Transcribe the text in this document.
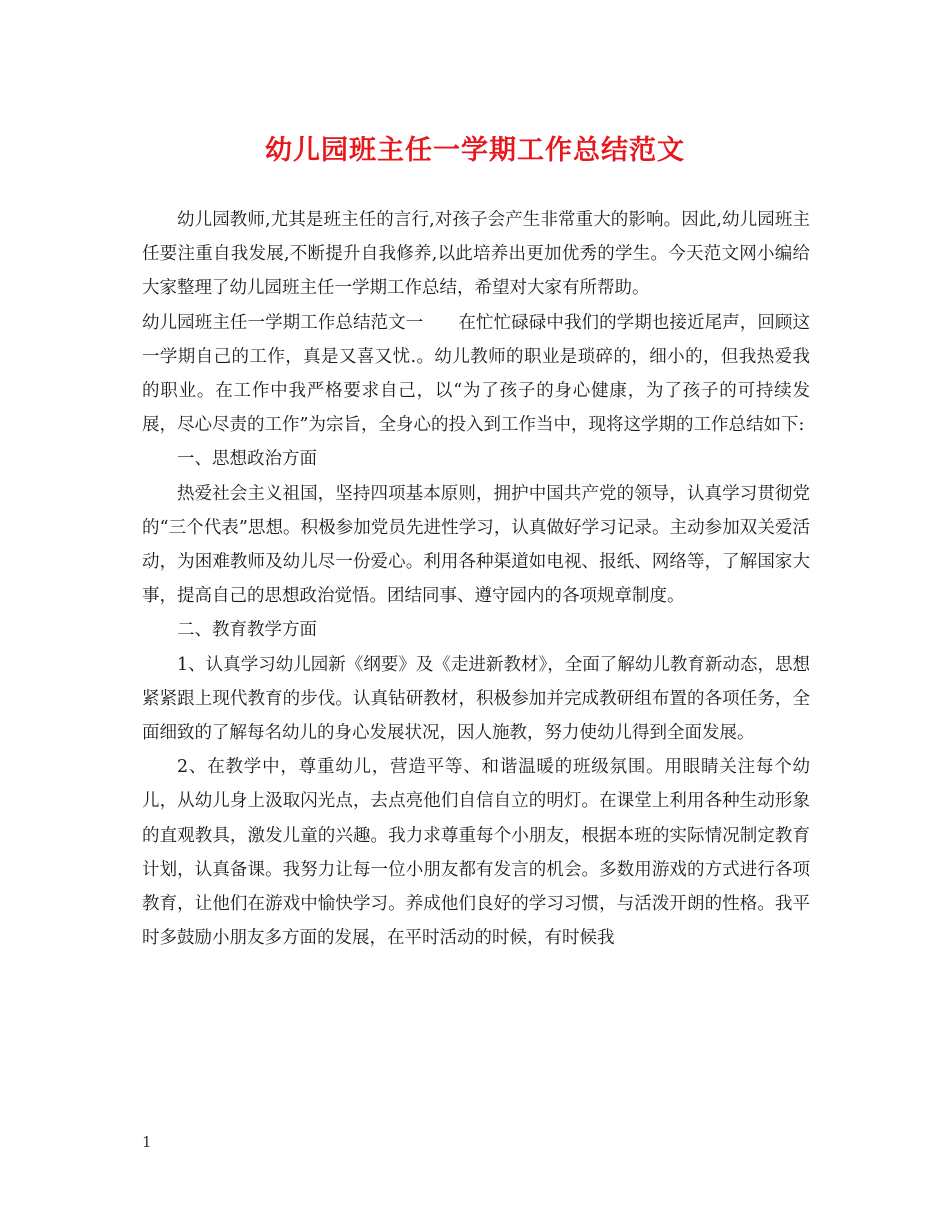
幼儿园班主任一学期工作总结范文

幼儿园教师,尤其是班主任的言行,对孩子会产生非常重大的影响。因此,幼儿园班主任要注重自我发展,不断提升自我修养,以此培养出更加优秀的学生。今天范文网小编给大家整理了幼儿园班主任一学期工作总结，希望对大家有所帮助。

幼儿园班主任一学期工作总结范文一　　在忙忙碌碌中我们的学期也接近尾声，回顾这一学期自己的工作，真是又喜又忧.。幼儿教师的职业是琐碎的，细小的，但我热爱我的职业。在工作中我严格要求自己，以“为了孩子的身心健康，为了孩子的可持续发展，尽心尽责的工作”为宗旨，全身心的投入到工作当中，现将这学期的工作总结如下:

一、思想政治方面

热爱社会主义祖国，坚持四项基本原则，拥护中国共产党的领导，认真学习贯彻党的“三个代表”思想。积极参加党员先进性学习，认真做好学习记录。主动参加双关爱活动，为困难教师及幼儿尽一份爱心。利用各种渠道如电视、报纸、网络等，了解国家大事，提高自己的思想政治觉悟。团结同事、遵守园内的各项规章制度。

二、教育教学方面

1、认真学习幼儿园新《纲要》及《走进新教材》，全面了解幼儿教育新动态，思想紧紧跟上现代教育的步伐。认真钻研教材，积极参加并完成教研组布置的各项任务，全面细致的了解每名幼儿的身心发展状况，因人施教，努力使幼儿得到全面发展。

2、在教学中，尊重幼儿，营造平等、和谐温暖的班级氛围。用眼睛关注每个幼儿，从幼儿身上汲取闪光点，去点亮他们自信自立的明灯。在课堂上利用各种生动形象的直观教具，激发儿童的兴趣。我力求尊重每个小朋友，根据本班的实际情况制定教育计划，认真备课。我努力让每一位小朋友都有发言的机会。多数用游戏的方式进行各项教育，让他们在游戏中愉快学习。养成他们良好的学习习惯，与活泼开朗的性格。我平时多鼓励小朋友多方面的发展，在平时活动的时候，有时候我

1
